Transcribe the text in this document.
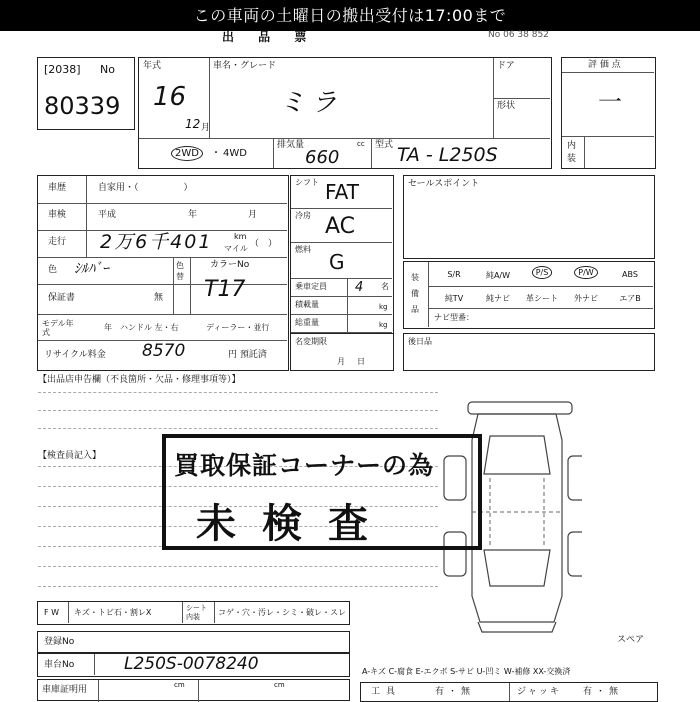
この車両の土曜日の搬出受付は17:00まで
出 品 票	No 06 38 852
[2038] No
80339
年式
16
12 月
車名・グレード
ミラ
ドア
形状
2WD	・ 4WD
排気量
660
cc 型式 TA - L250S
評 価 点
一
内装
車歴	自家用・（　　　　　）
車検	平成	年	月
走行 2万6千401	km
マイル （　）
色 ｼﾙﾊﾞｰ	色替
カラーNo
T17
保証書	無
モデル年式
年 ハンドル 左・右	ディーラー・並行
リサイクル料金 8570	円 預託済
シフト FAT
冷房 AC
燃料
G
乗車定員 4 名
積載量	kg
総重量	kg
名変期限
月　日
セールスポイント
装備品
S/R	純A/W	P/S	P/W	ABS
純TV	純ナビ	革シート	外ナビ	エアB
ナビ型番：
後日品
【出品店申告欄（不良箇所・欠品・修理事項等）】
【検査員記入】
スペア
買取保証コーナーの為
未検査
F W キズ・トビ石・割レX	シート内装	コゲ・穴・汚レ・シミ・破レ・スレ
登録No
車台No	L250S-0078240
車庫証明用	cm	cm
A-キズ C-腐食 E-エクボ S-サビ U-凹ミ W-補修 XX-交換済
工具	有・無	ジャッキ 有・無
